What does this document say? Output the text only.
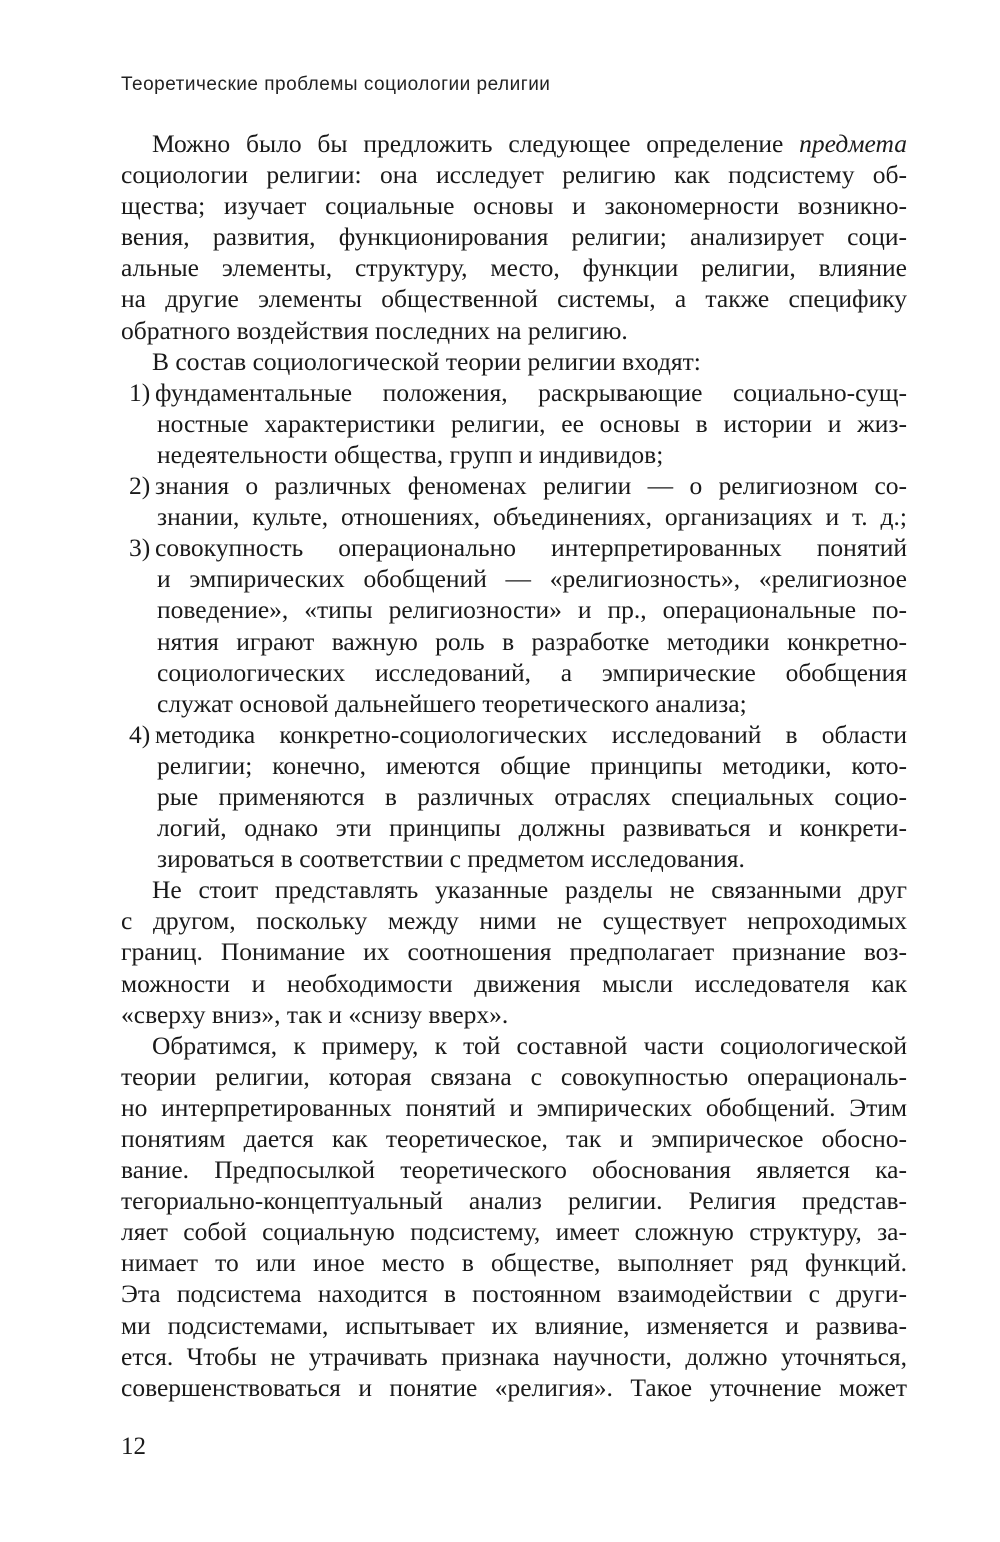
Теоретические проблемы социологии религии
Можно было бы предложить следующее определение предмета
социологии религии: она исследует религию как подсистему об-
щества; изучает социальные основы и закономерности возникно-
вения, развития, функционирования религии; анализирует соци-
альные элементы, структуру, место, функции религии, влияние
на другие элементы общественной системы, а также специфику
обратного воздействия последних на религию.
В состав социологической теории религии входят:
1) фундаментальные положения, раскрывающие социально-сущ-
ностные характеристики религии, ее основы в истории и жиз-
недеятельности общества, групп и индивидов;
2) знания о различных феноменах религии — о религиозном со-
знании, культе, отношениях, объединениях, организациях и т. д.;
3) совокупность операционально интерпретированных понятий
и эмпирических обобщений — «религиозность», «религиозное
поведение», «типы религиозности» и пр., операциональные по-
нятия играют важную роль в разработке методики конкретно-
социологических исследований, а эмпирические обобщения
служат основой дальнейшего теоретического анализа;
4) методика конкретно-социологических исследований в области
религии; конечно, имеются общие принципы методики, кото-
рые применяются в различных отраслях специальных социо-
логий, однако эти принципы должны развиваться и конкрети-
зироваться в соответствии с предметом исследования.
Не стоит представлять указанные разделы не связанными друг
с другом, поскольку между ними не существует непроходимых
границ. Понимание их соотношения предполагает признание воз-
можности и необходимости движения мысли исследователя как
«сверху вниз», так и «снизу вверх».
Обратимся, к примеру, к той составной части социологической
теории религии, которая связана с совокупностью операциональ-
но интерпретированных понятий и эмпирических обобщений. Этим
понятиям дается как теоретическое, так и эмпирическое обосно-
вание. Предпосылкой теоретического обоснования является ка-
тегориально-концептуальный анализ религии. Религия представ-
ляет собой социальную подсистему, имеет сложную структуру, за-
нимает то или иное место в обществе, выполняет ряд функций.
Эта подсистема находится в постоянном взаимодействии с други-
ми подсистемами, испытывает их влияние, изменяется и развива-
ется. Чтобы не утрачивать признака научности, должно уточняться,
совершенствоваться и понятие «религия». Такое уточнение может
12
